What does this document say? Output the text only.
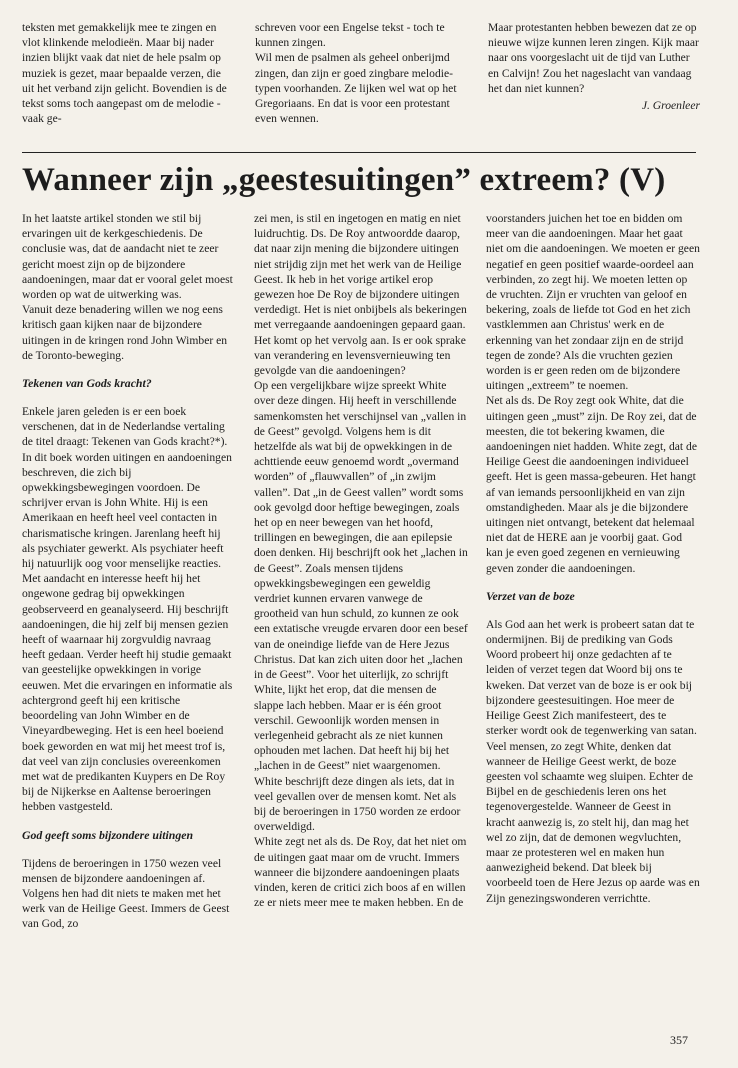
teksten met gemakkelijk mee te zingen en vlot klinkende melodieën. Maar bij nader inzien blijkt vaak dat niet de hele psalm op muziek is gezet, maar bepaalde verzen, die uit het verband zijn gelicht. Bovendien is de tekst soms toch aangepast om de melodie - vaak ge-

schreven voor een Engelse tekst - toch te kunnen zingen.

Wil men de psalmen als geheel onberijmd zingen, dan zijn er goed zingbare melodie-typen voorhanden. Ze lijken wel wat op het Gregoriaans. En dat is voor een protestant even wennen.

Maar protestanten hebben bewezen dat ze op nieuwe wijze kunnen leren zingen. Kijk maar naar ons voorgeslacht uit de tijd van Luther en Calvijn! Zou het nageslacht van vandaag het dan niet kunnen?

J. Groenleer
Wanneer zijn „geestesuitingen” extreem? (V)

In het laatste artikel stonden we stil bij ervaringen uit de kerkgeschiedenis. De conclusie was, dat de aandacht niet te zeer gericht moest zijn op de bijzondere aandoeningen, maar dat er vooral gelet moest worden op wat de uitwerking was.

Vanuit deze benadering willen we nog eens kritisch gaan kijken naar de bijzondere uitingen in de kringen rond John Wimber en de Toronto-beweging.

Tekenen van Gods kracht?

Enkele jaren geleden is er een boek verschenen, dat in de Nederlandse vertaling de titel draagt: Tekenen van Gods kracht?*).

In dit boek worden uitingen en aandoeningen beschreven, die zich bij opwekkingsbewegingen voordoen. De schrijver ervan is John White. Hij is een Amerikaan en heeft heel veel contacten in charismatische kringen. Jarenlang heeft hij als psychiater gewerkt. Als psychiater heeft hij natuurlijk oog voor menselijke reacties. Met aandacht en interesse heeft hij het ongewone gedrag bij opwekkingen geobserveerd en geanalyseerd. Hij beschrijft aandoeningen, die hij zelf bij mensen gezien heeft of waarnaar hij zorgvuldig navraag heeft gedaan. Verder heeft hij studie gemaakt van geestelijke opwekkingen in vorige eeuwen. Met die ervaringen en informatie als achtergrond geeft hij een kritische beoordeling van John Wimber en de Vineyardbeweging. Het is een heel boeiend boek geworden en wat mij het meest trof is, dat veel van zijn conclusies overeenkomen met wat de predikanten Kuypers en De Roy bij de Nijkerkse en Aaltense beroeringen hebben vastgesteld.

God geeft soms bijzondere uitingen

Tijdens de beroeringen in 1750 wezen veel mensen de bijzondere aandoeningen af. Volgens hen had dit niets te maken met het werk van de Heilige Geest. Immers de Geest van God, zo

zei men, is stil en ingetogen en matig en niet luidruchtig. Ds. De Roy antwoordde daarop, dat naar zijn mening die bijzondere uitingen niet strijdig zijn met het werk van de Heilige Geest. Ik heb in het vorige artikel erop gewezen hoe De Roy de bijzondere uitingen verdedigt. Het is niet onbijbels als bekeringen met verregaande aandoeningen gepaard gaan. Het komt op het vervolg aan. Is er ook sprake van verandering en levensvernieuwing ten gevolgde van die aandoeningen?

Op een vergelijkbare wijze spreekt White over deze dingen. Hij heeft in verschillende samenkomsten het verschijnsel van „vallen in de Geest” gevolgd. Volgens hem is dit hetzelfde als wat bij de opwekkingen in de achttiende eeuw genoemd wordt „overmand worden” of „flauwvallen” of „in zwijm vallen”. Dat „in de Geest vallen” wordt soms ook gevolgd door heftige bewegingen, zoals het op en neer bewegen van het hoofd, trillingen en bewegingen, die aan epilepsie doen denken. Hij beschrijft ook het „lachen in de Geest”. Zoals mensen tijdens opwekkingsbewegingen een geweldig verdriet kunnen ervaren vanwege de grootheid van hun schuld, zo kunnen ze ook een extatische vreugde ervaren door een besef van de oneindige liefde van de Here Jezus Christus. Dat kan zich uiten door het „lachen in de Geest”. Voor het uiterlijk, zo schrijft White, lijkt het erop, dat die mensen de slappe lach hebben. Maar er is één groot verschil. Gewoonlijk worden mensen in verlegenheid gebracht als ze niet kunnen ophouden met lachen. Dat heeft hij bij het „lachen in de Geest” niet waargenomen. White beschrijft deze dingen als iets, dat in veel gevallen over de mensen komt. Net als bij de beroeringen in 1750 worden ze erdoor overweldigd.

White zegt net als ds. De Roy, dat het niet om de uitingen gaat maar om de vrucht. Immers wanneer die bijzondere aandoeningen plaats vinden, keren de critici zich boos af en willen ze er niets meer mee te maken hebben. En de

voorstanders juichen het toe en bidden om meer van die aandoeningen. Maar het gaat niet om die aandoeningen. We moeten er geen negatief en geen positief waarde-oordeel aan verbinden, zo zegt hij. We moeten letten op de vruchten. Zijn er vruchten van geloof en bekering, zoals de liefde tot God en het zich vastklemmen aan Christus' werk en de erkenning van het zondaar zijn en de strijd tegen de zonde? Als die vruchten gezien worden is er geen reden om de bijzondere uitingen „extreem” te noemen.

Net als ds. De Roy zegt ook White, dat die uitingen geen „must” zijn. De Roy zei, dat de meesten, die tot bekering kwamen, die aandoeningen niet hadden. White zegt, dat de Heilige Geest die aandoeningen individueel geeft. Het is geen massa-gebeuren. Het hangt af van iemands persoonlijkheid en van zijn omstandigheden. Maar als je die bijzondere uitingen niet ontvangt, betekent dat helemaal niet dat de HERE aan je voorbij gaat. God kan je even goed zegenen en vernieuwing geven zonder die aandoeningen.

Verzet van de boze

Als God aan het werk is probeert satan dat te ondermijnen. Bij de prediking van Gods Woord probeert hij onze gedachten af te leiden of verzet tegen dat Woord bij ons te kweken. Dat verzet van de boze is er ook bij bijzondere geestesuitingen. Hoe meer de Heilige Geest Zich manifesteert, des te sterker wordt ook de tegenwerking van satan. Veel mensen, zo zegt White, denken dat wanneer de Heilige Geest werkt, de boze geesten vol schaamte weg sluipen. Echter de Bijbel en de geschiedenis leren ons het tegenovergestelde. Wanneer de Geest in kracht aanwezig is, zo stelt hij, dan mag het wel zo zijn, dat de demonen wegvluchten, maar ze protesteren wel en maken hun aanwezigheid bekend. Dat bleek bij voorbeeld toen de Here Jezus op aarde was en Zijn genezingswonderen verrichtte.

357
